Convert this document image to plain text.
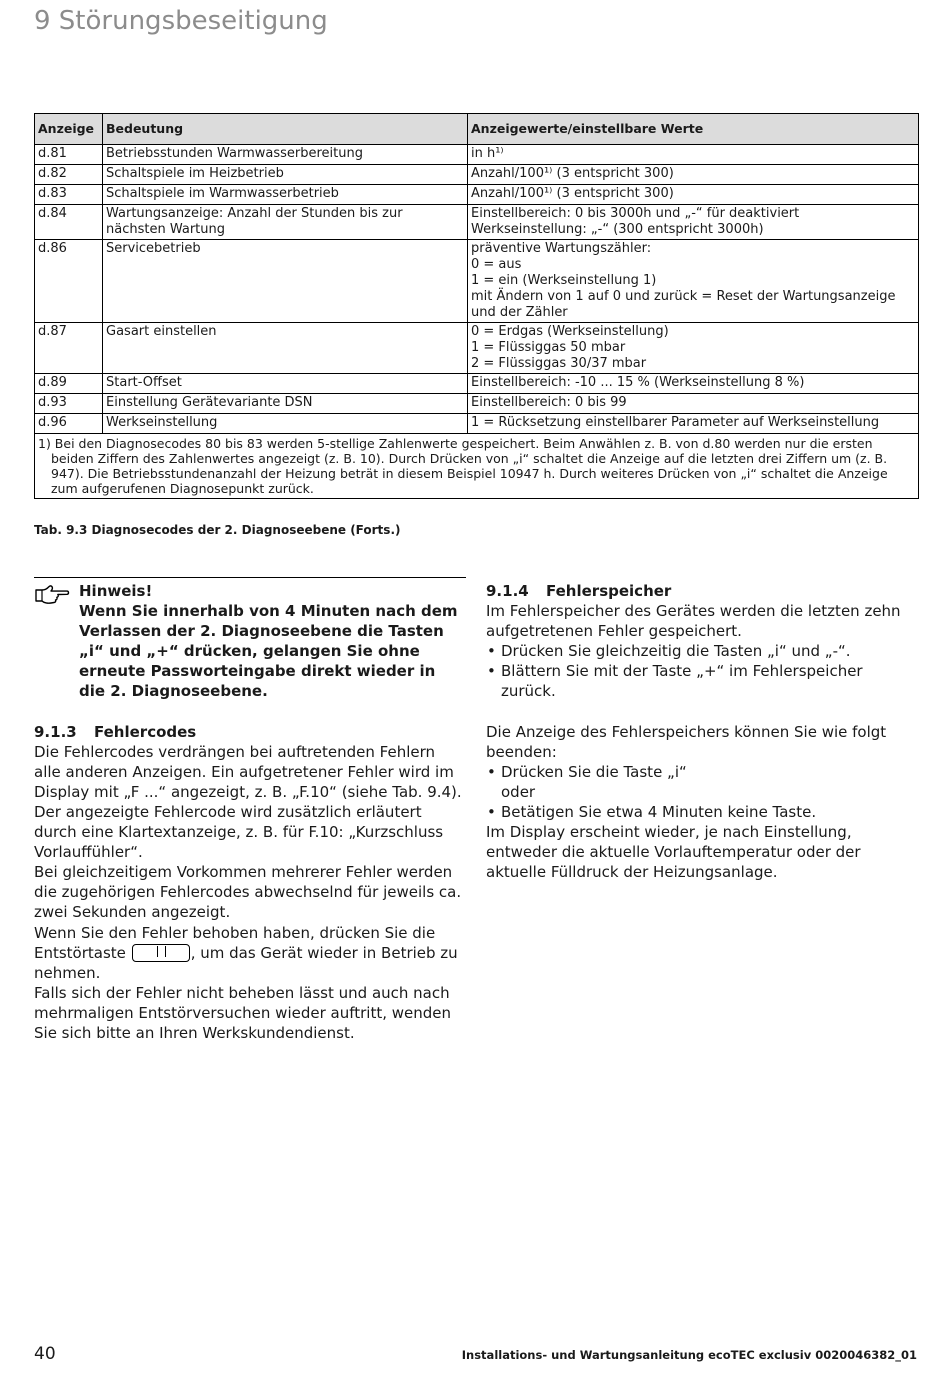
9 Störungsbeseitigung
Anzeige	Bedeutung	Anzeigewerte/einstellbare Werte
d.81	Betriebsstunden Warmwasserbereitung	in h¹⁾
d.82	Schaltspiele im Heizbetrieb	Anzahl/100¹⁾ (3 entspricht 300)
d.83	Schaltspiele im Warmwasserbetrieb	Anzahl/100¹⁾ (3 entspricht 300)
d.84	Wartungsanzeige: Anzahl der Stunden bis zur nächsten Wartung	Einstellbereich: 0 bis 3000h und „-“ für deaktiviert
Werkseinstellung: „-“ (300 entspricht 3000h)
d.86	Servicebetrieb	präventive Wartungszähler:
0 = aus
1 = ein (Werkseinstellung 1)
mit Ändern von 1 auf 0 und zurück = Reset der Wartungsanzeige und der Zähler
d.87	Gasart einstellen	0 = Erdgas (Werkseinstellung)
1 = Flüssiggas 50 mbar
2 = Flüssiggas 30/37 mbar
d.89	Start-Offset	Einstellbereich: -10 ... 15 % (Werkseinstellung 8 %)
d.93	Einstellung Gerätevariante DSN	Einstellbereich: 0 bis 99
d.96	Werkseinstellung	1 = Rücksetzung einstellbarer Parameter auf Werkseinstellung

1) Bei den Diagnosecodes 80 bis 83 werden 5-stellige Zahlenwerte gespeichert. Beim Anwählen z. B. von d.80 werden nur die ersten beiden Ziffern des Zahlenwertes angezeigt (z. B. 10). Durch Drücken von „i“ schaltet die Anzeige auf die letzten drei Ziffern um (z. B. 947). Die Betriebsstundenanzahl der Heizung beträt in diesem Beispiel 10947 h. Durch weiteres Drücken von „i“ schaltet die Anzeige zum aufgerufenen Diagnosepunkt zurück.		

Tab. 9.3 Diagnosecodes der 2. Diagnoseebene (Forts.)

Hinweis!
Wenn Sie innerhalb von 4 Minuten nach dem Verlassen der 2. Diagnoseebene die Tasten „i“ und „+“ drücken, gelangen Sie ohne erneute Passworteingabe direkt wieder in die 2. Diagnoseebene.
9.1.3 Fehlercodes

Die Fehlercodes verdrängen bei auftretenden Fehlern alle anderen Anzeigen. Ein aufgetretener Fehler wird im Display mit „F ...“ angezeigt, z. B. „F.10“ (siehe Tab. 9.4). Der angezeigte Fehlercode wird zusätzlich erläutert durch eine Klartextanzeige, z. B. für F.10: „Kurzschluss Vorlauffühler“.

Bei gleichzeitigem Vorkommen mehrerer Fehler werden die zugehörigen Fehlercodes abwechselnd für jeweils ca. zwei Sekunden angezeigt.

Wenn Sie den Fehler behoben haben, drücken Sie die Entstörtaste	, um das Gerät wieder in Betrieb zu nehmen.

Falls sich der Fehler nicht beheben lässt und auch nach mehrmaligen Entstörversuchen wieder auftritt, wenden Sie sich bitte an Ihren Werkskundendienst.

9.1.4 Fehlerspeicher

Im Fehlerspeicher des Gerätes werden die letzten zehn aufgetretenen Fehler gespeichert.

• Drücken Sie gleichzeitig die Tasten „i“ und „-“.
• Blättern Sie mit der Taste „+“ im Fehlerspeicher zurück.

Die Anzeige des Fehlerspeichers können Sie wie folgt beenden:

• Drücken Sie die Taste „i“
oder
• Betätigen Sie etwa 4 Minuten keine Taste.

Im Display erscheint wieder, je nach Einstellung, entweder die aktuelle Vorlauftemperatur oder der aktuelle Fülldruck der Heizungsanlage.

40	Installations- und Wartungsanleitung ecoTEC exclusiv 0020046382_01
